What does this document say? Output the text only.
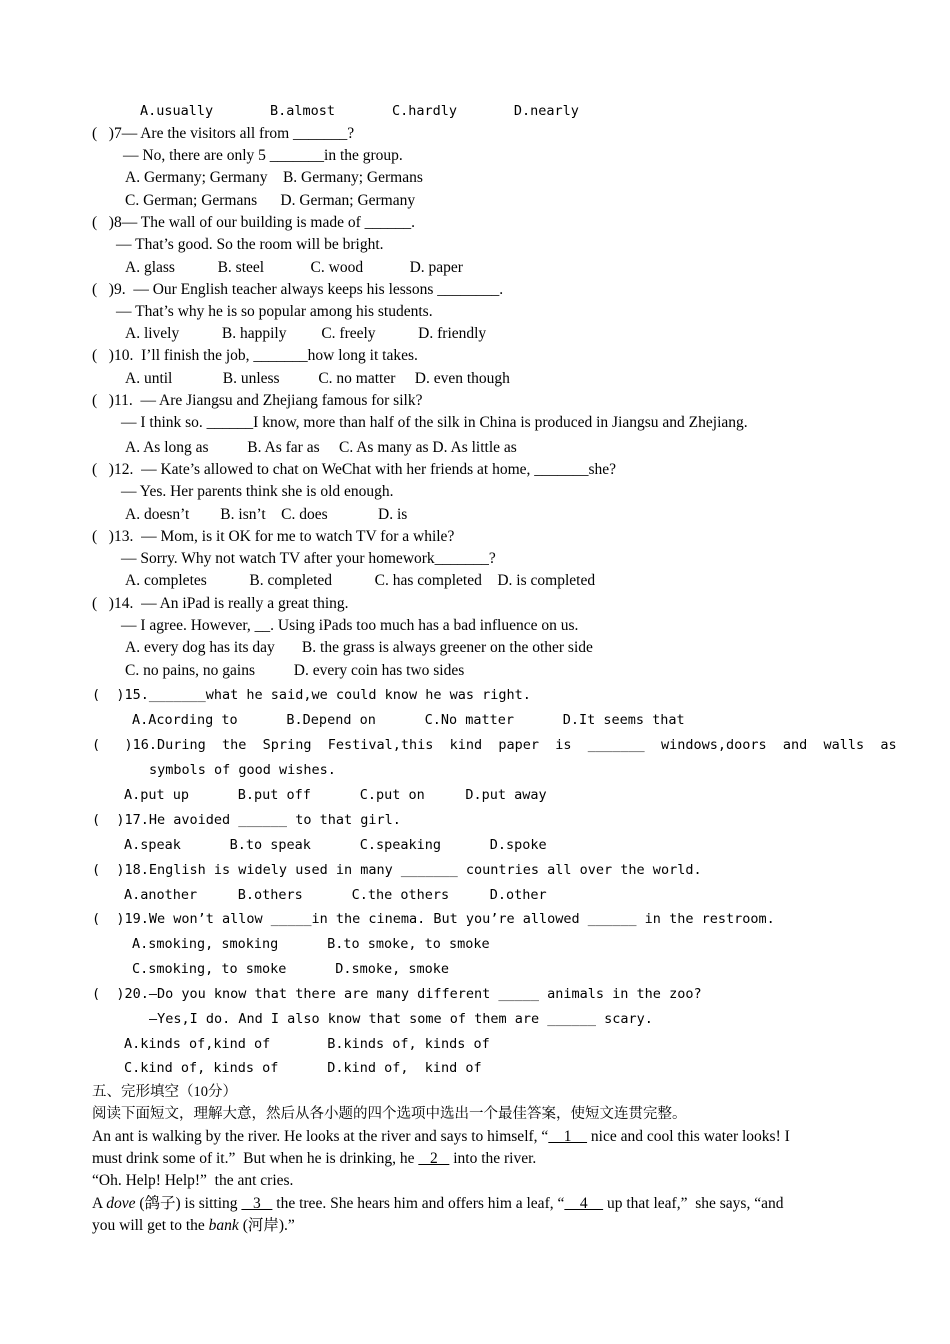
A.usually       B.almost       C.hardly       D.nearly
(   )7— Are the visitors all from _______?
— No, there are only 5 _______in the group.
A. Germany; Germany    B. Germany; Germans
C. German; Germans      D. German; Germany
(   )8— The wall of our building is made of ______.
— That’s good. So the room will be bright.
A. glass           B. steel            C. wood            D. paper
(   )9.  — Our English teacher always keeps his lessons ________.
— That’s why he is so popular among his students.
A. lively           B. happily         C. freely           D. friendly
(   )10.  I’ll finish the job, _______how long it takes.
A. until             B. unless          C. no matter     D. even though
(   )11.  — Are Jiangsu and Zhejiang famous for silk?
— I think so. ______I know, more than half of the silk in China is produced in Jiangsu and Zhejiang.
A. As long as          B. As far as     C. As many as D. As little as
(   )12.  — Kate’s allowed to chat on WeChat with her friends at home, _______she?
— Yes. Her parents think she is old enough.
A. doesn’t        B. isn’t    C. does             D. is
(   )13.  — Mom, is it OK for me to watch TV for a while?
— Sorry. Why not watch TV after your homework_______?
A. completes           B. completed           C. has completed    D. is completed
(   )14.  — An iPad is really a great thing.
— I agree. However, __. Using iPads too much has a bad influence on us.
A. every dog has its day       B. the grass is always greener on the other side
C. no pains, no gains          D. every coin has two sides
(  )15._______what he said,we could know he was right.
A.Acording to      B.Depend on      C.No matter      D.It seems that
(   )16.During  the  Spring  Festival,this  kind  paper  is  _______  windows,doors  and  walls  as
symbols of good wishes.
A.put up      B.put off      C.put on     D.put away
(  )17.He avoided ______ to that girl.
A.speak      B.to speak      C.speaking      D.spoke
(  )18.English is widely used in many _______ countries all over the world.
A.another     B.others      C.the others     D.other
(  )19.We won’t allow _____in the cinema. But you’re allowed ______ in the restroom.
A.smoking, smoking      B.to smoke, to smoke
C.smoking, to smoke      D.smoke, smoke
(  )20.—Do you know that there are many different _____ animals in the zoo?
—Yes,I do. And I also know that some of them are ______ scary.
A.kinds of,kind of       B.kinds of, kinds of
C.kind of, kinds of      D.kind of,  kind of
五、完形填空（10分）
阅读下面短文，理解大意，然后从各小题的四个选项中选出一个最佳答案，使短文连贯完整。
An ant is walking by the river. He looks at the river and says to himself, “    1     nice and cool this water looks! I
must drink some of it.”  But when he is drinking, he    2    into the river.
“Oh. Help! Help!”  the ant cries.
A dove (鸽子) is sitting    3    the tree. She hears him and offers him a leaf, “    4     up that leaf,”  she says, “and
you will get to the bank (河岸).”
